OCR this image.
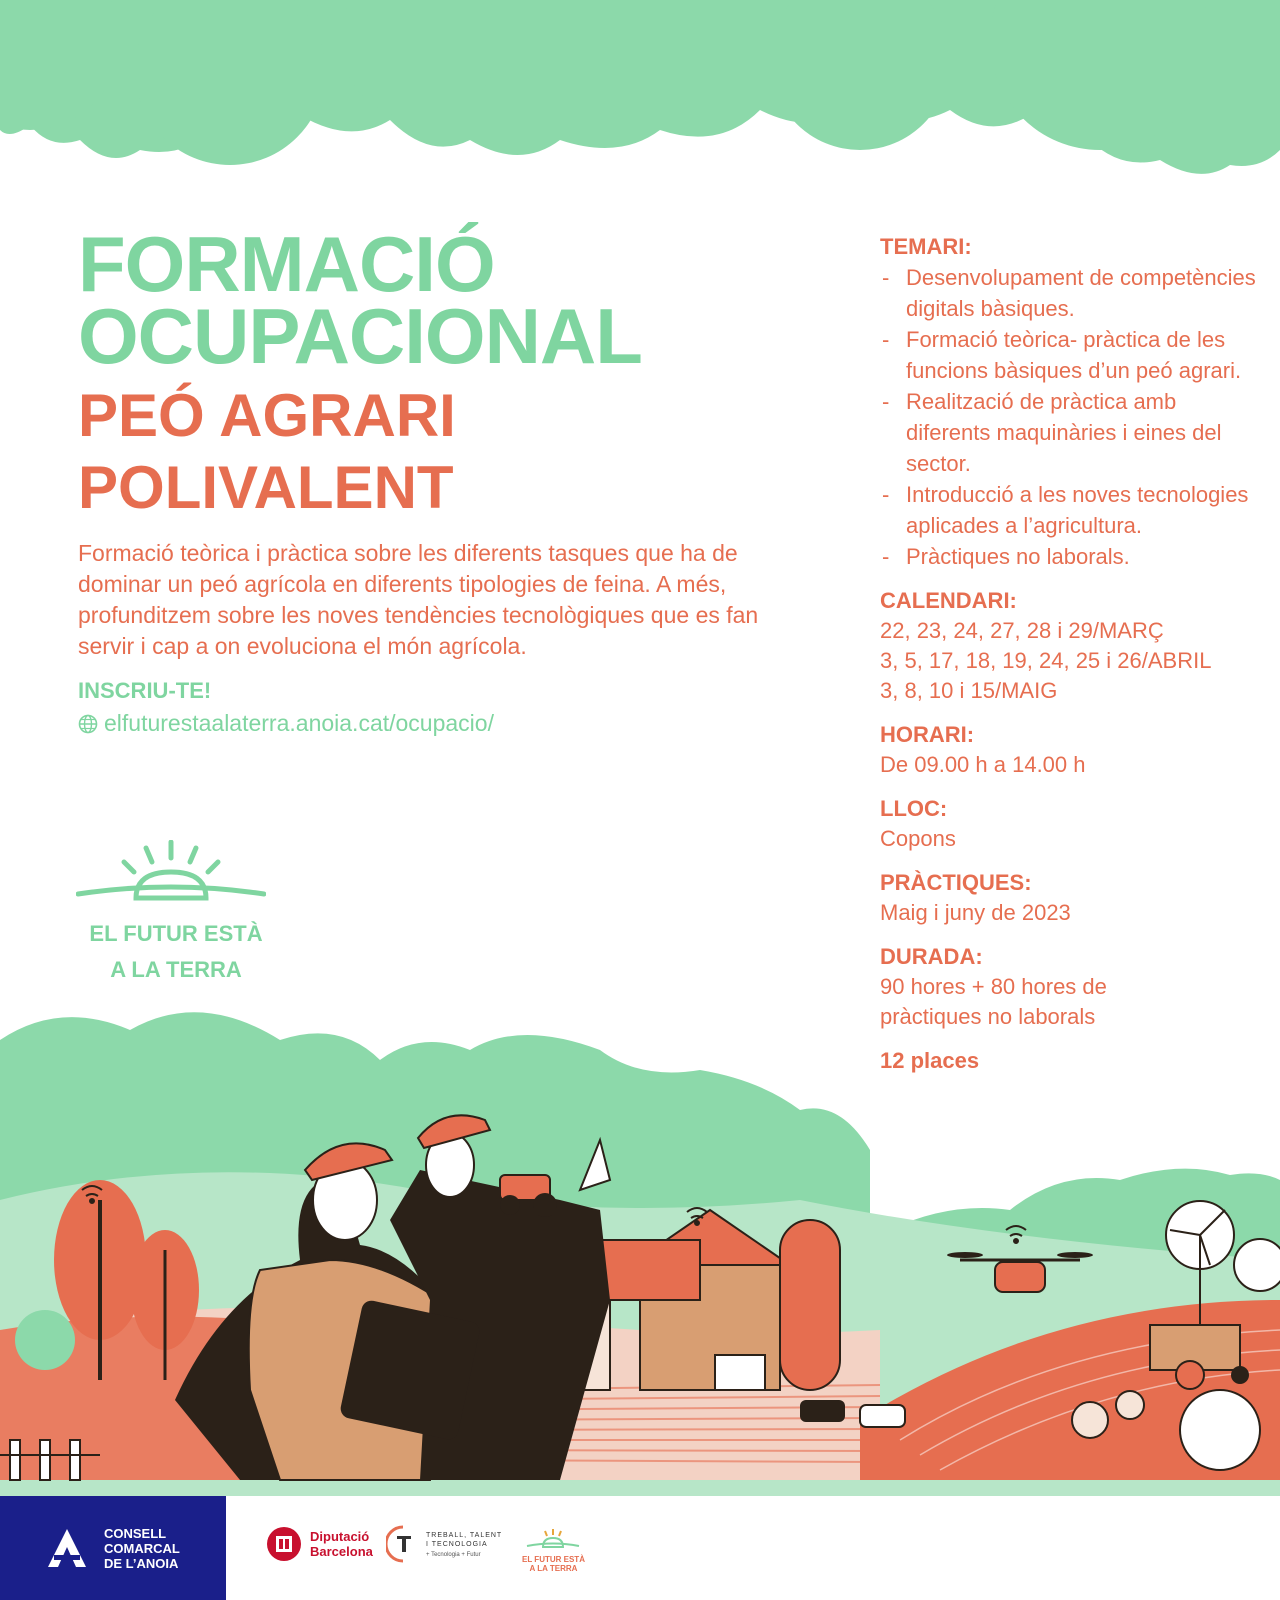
FORMACIÓ
OCUPACIONAL
PEÓ AGRARI
POLIVALENT

Formació teòrica i pràctica sobre les diferents tasques que ha de dominar un peó agrícola en diferents tipologies de feina. A més, profunditzem sobre les noves tendències tecnològiques que es fan servir i cap a on evoluciona el món agrícola.

INSCRIU-TE!
elfuturestaalaterra.anoia.cat/ocupacio/
EL FUTUR ESTÀ
A LA TERRA

TEMARI:

- Desenvolupament de competències digitals bàsiques.
- Formació teòrica- pràctica de les funcions bàsiques d’un peó agrari.
- Realització de pràctica amb diferents maquinàries i eines del sector.
- Introducció a les noves tecnologies aplicades a l’agricultura.
- Pràctiques no laborals.

CALENDARI:

22, 23, 24, 27, 28 i 29/MARÇ

3, 5, 17, 18, 19, 24, 25 i 26/ABRIL

3, 8, 10 i 15/MAIG

HORARI:

De 09.00 h a 14.00 h

LLOC:

Copons

PRÀCTIQUES:

Maig i juny de 2023

DURADA:

90 hores + 80 hores de

pràctiques no laborals

12 places
CONSELL
COMARCAL
DE L’ANOIA
Diputació
Barcelona
TREBALL, TALENT
I TECNOLOGIA
+ Tecnologia + Futur
EL FUTUR ESTÀ
A LA TERRA
